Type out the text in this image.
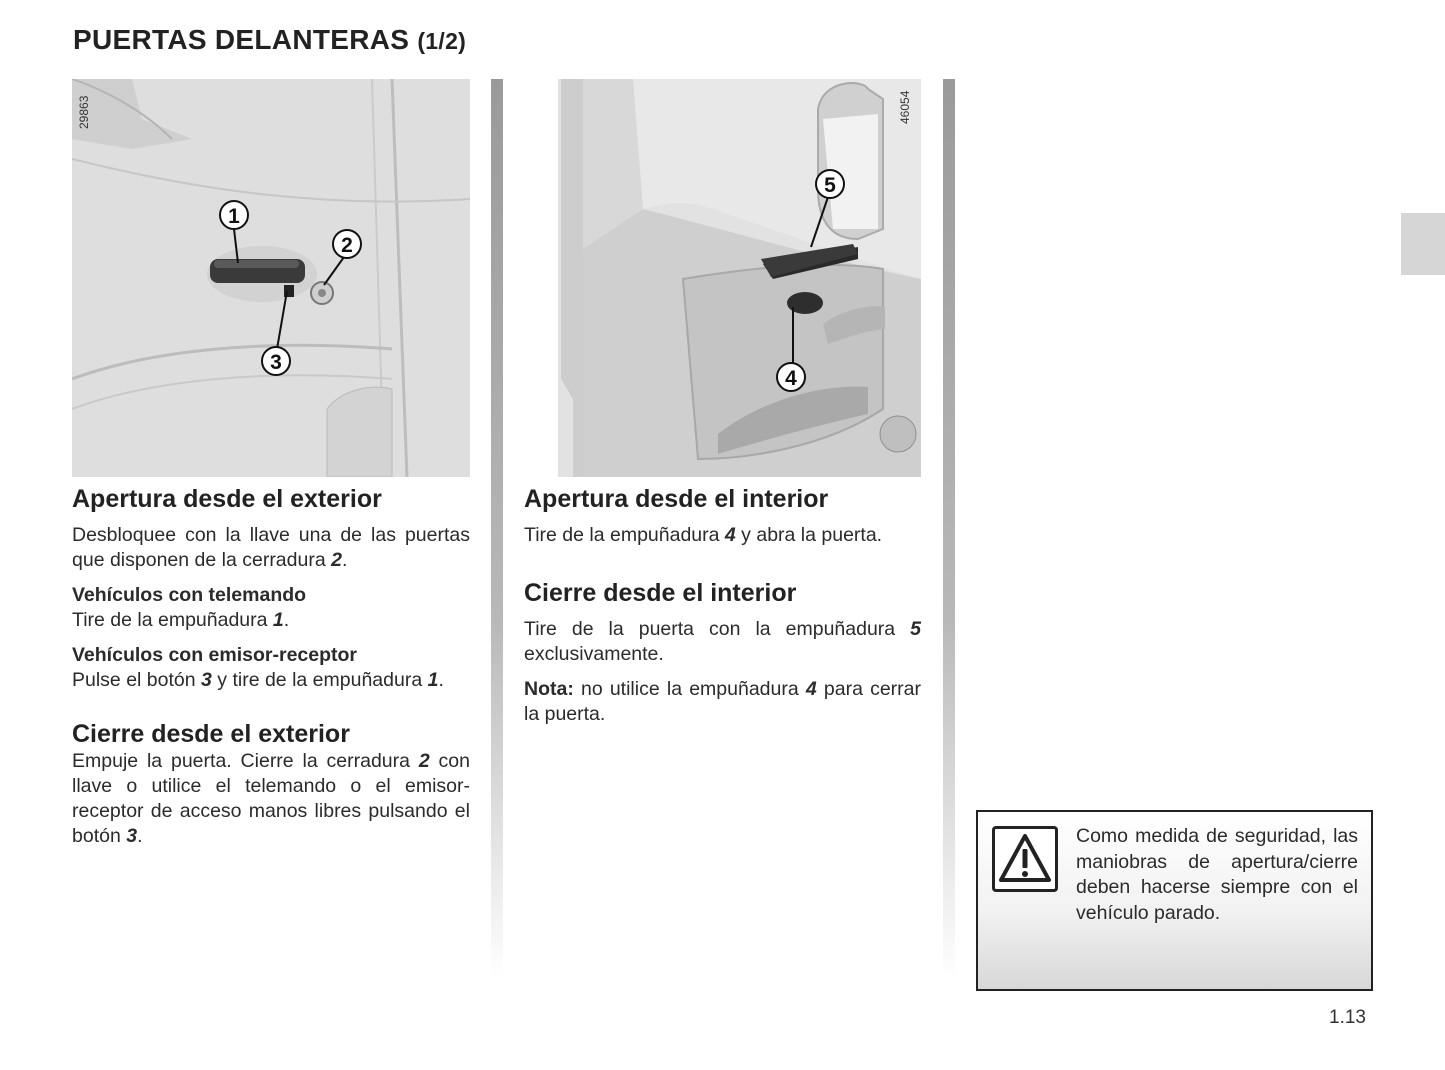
PUERTAS DELANTERAS (1/2)
1
2
3
29863
5
4
46054
Apertura desde el exterior

Desbloquee con la llave una de las puertas que disponen de la cerradura 2.

Vehículos con telemando
Tire de la empuñadura 1.

Vehículos con emisor-receptor
Pulse el botón 3 y tire de la empuñadura 1.

Cierre desde el exterior

Empuje la puerta. Cierre la cerradura 2 con llave o utilice el telemando o el emisor-receptor de acceso manos libres pulsando el botón 3.

Apertura desde el interior

Tire de la empuñadura 4 y abra la puerta.

Cierre desde el interior

Tire de la puerta con la empuñadura 5 exclusivamente.

Nota: no utilice la empuñadura 4 para cerrar la puerta.

Como medida de seguridad, las maniobras de apertura/cierre deben hacerse siempre con el vehículo parado.
1.13
